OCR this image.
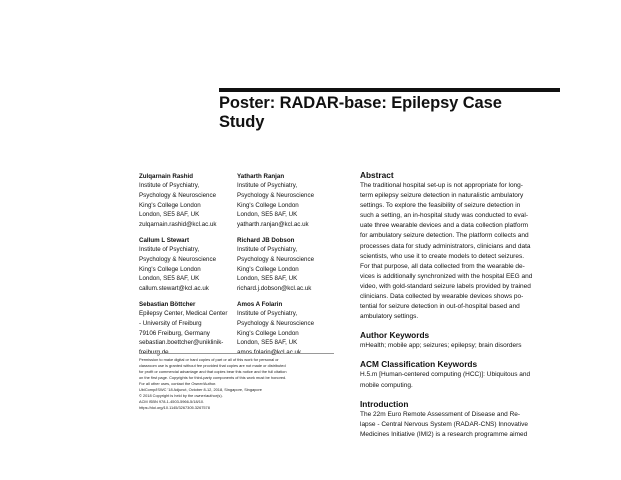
Poster: RADAR-base: Epilepsy Case
Study
Zulqarnain Rashid
Institute of Psychiatry,
Psychology & Neuroscience
King's College London
London, SE5 8AF, UK
zulqarnain.rashid@kcl.ac.uk
Callum L Stewart
Institute of Psychiatry,
Psychology & Neuroscience
King's College London
London, SE5 8AF, UK
callum.stewart@kcl.ac.uk
Sebastian Böttcher
Epilepsy Center, Medical Center
- University of Freiburg
79106 Freiburg, Germany
sebastian.boettcher@uniklinik-
freiburg.de
Yatharth Ranjan
Institute of Psychiatry,
Psychology & Neuroscience
King's College London
London, SE5 8AF, UK
yatharth.ranjan@kcl.ac.uk
Richard JB Dobson
Institute of Psychiatry,
Psychology & Neuroscience
King's College London
London, SE5 8AF, UK
richard.j.dobson@kcl.ac.uk
Amos A Folarin
Institute of Psychiatry,
Psychology & Neuroscience
King's College London
London, SE5 8AF, UK
amos.folarin@kcl.ac.uk
Permission to make digital or hard copies of part or all of this work for personal or
classroom use is granted without fee provided that copies are not made or distributed
for profit or commercial advantage and that copies bear this notice and the full citation
on the first page. Copyrights for third-party components of this work must be honored.
For all other uses, contact the Owner/Author.
UbiComp/ISWC '18 Adjunct, October 8-12, 2018, Singapore, Singapore
© 2018 Copyright is held by the owner/author(s).
ACM ISBN 978-1-4503-5966-5/18/10.
https://doi.org/10.1145/3267305.3267578
Abstract
The traditional hospital set-up is not appropriate for long-
term epilepsy seizure detection in naturalistic ambulatory
settings. To explore the feasibility of seizure detection in
such a setting, an in-hospital study was conducted to eval-
uate three wearable devices and a data collection platform
for ambulatory seizure detection. The platform collects and
processes data for study administrators, clinicians and data
scientists, who use it to create models to detect seizures.
For that purpose, all data collected from the wearable de-
vices is additionally synchronized with the hospital EEG and
video, with gold-standard seizure labels provided by trained
clinicians. Data collected by wearable devices shows po-
tential for seizure detection in out-of-hospital based and
ambulatory settings.
Author Keywords
mHealth; mobile app; seizures; epilepsy; brain disorders
ACM Classification Keywords
H.5.m [Human-centered computing (HCC)]: Ubiquitous and
mobile computing.
Introduction
The 22m Euro Remote Assessment of Disease and Re-
lapse - Central Nervous System (RADAR-CNS) Innovative
Medicines Initiative (IMI2) is a research programme aimed
